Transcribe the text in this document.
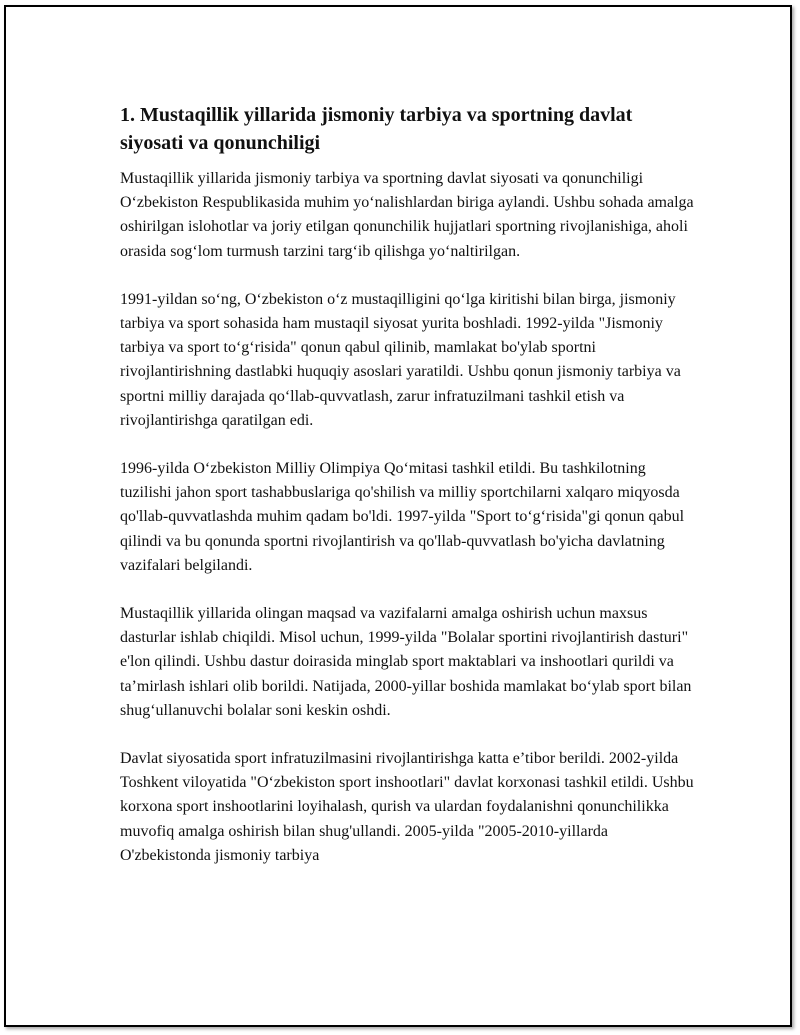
1. Mustaqillik yillarida jismoniy tarbiya va sportning davlat siyosati va qonunchiligi

Mustaqillik yillarida jismoniy tarbiya va sportning davlat siyosati va qonunchiligi O‘zbekiston Respublikasida muhim yo‘nalishlardan biriga aylandi. Ushbu sohada amalga oshirilgan islohotlar va joriy etilgan qonunchilik hujjatlari sportning rivojlanishiga, aholi orasida sog‘lom turmush tarzini targ‘ib qilishga yo‘naltirilgan.

1991-yildan so‘ng, O‘zbekiston o‘z mustaqilligini qo‘lga kiritishi bilan birga, jismoniy tarbiya va sport sohasida ham mustaqil siyosat yurita boshladi. 1992-yilda "Jismoniy tarbiya va sport to‘g‘risida" qonun qabul qilinib, mamlakat bo'ylab sportni rivojlantirishning dastlabki huquqiy asoslari yaratildi. Ushbu qonun jismoniy tarbiya va sportni milliy darajada qo‘llab-quvvatlash, zarur infratuzilmani tashkil etish va rivojlantirishga qaratilgan edi.

1996-yilda O‘zbekiston Milliy Olimpiya Qo‘mitasi tashkil etildi. Bu tashkilotning tuzilishi jahon sport tashabbuslariga qo'shilish va milliy sportchilarni xalqaro miqyosda qo'llab-quvvatlashda muhim qadam bo'ldi. 1997-yilda "Sport to‘g‘risida"gi qonun qabul qilindi va bu qonunda sportni rivojlantirish va qo'llab-quvvatlash bo'yicha davlatning vazifalari belgilandi.

Mustaqillik yillarida olingan maqsad va vazifalarni amalga oshirish uchun maxsus dasturlar ishlab chiqildi. Misol uchun, 1999-yilda "Bolalar sportini rivojlantirish dasturi" e'lon qilindi. Ushbu dastur doirasida minglab sport maktablari va inshootlari qurildi va ta’mirlash ishlari olib borildi. Natijada, 2000-yillar boshida mamlakat bo‘ylab sport bilan shug‘ullanuvchi bolalar soni keskin oshdi.

Davlat siyosatida sport infratuzilmasini rivojlantirishga katta e’tibor berildi. 2002-yilda Toshkent viloyatida "O‘zbekiston sport inshootlari" davlat korxonasi tashkil etildi. Ushbu korxona sport inshootlarini loyihalash, qurish va ulardan foydalanishni qonunchilikka muvofiq amalga oshirish bilan shug'ullandi. 2005-yilda "2005-2010-yillarda O'zbekistonda jismoniy tarbiya
